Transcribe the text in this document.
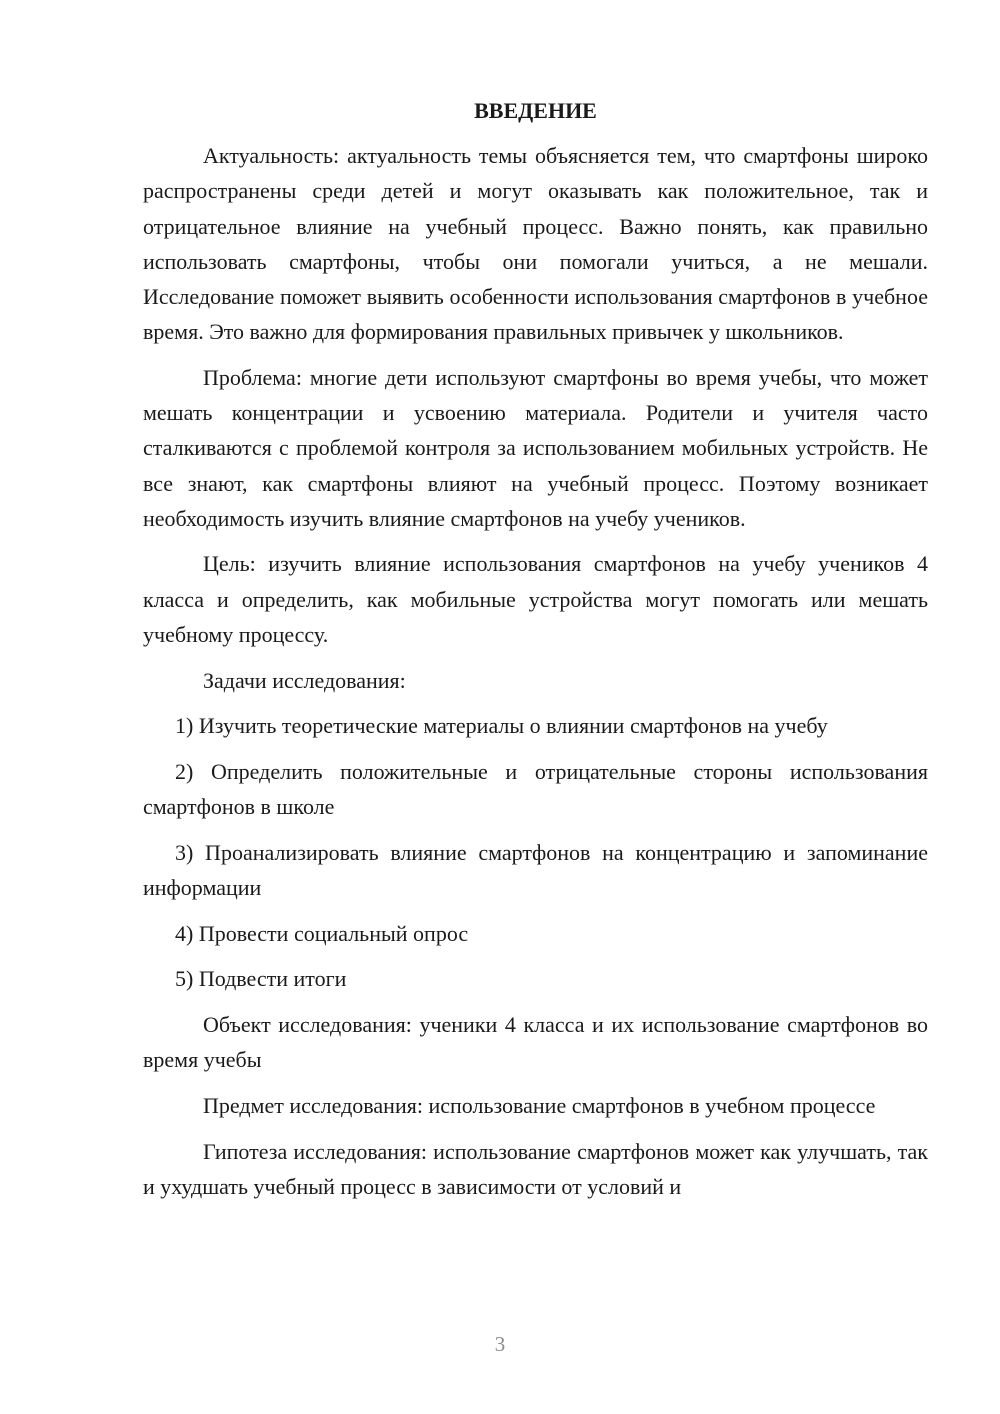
ВВЕДЕНИЕ

Актуальность: актуальность темы объясняется тем, что смартфоны широко распространены среди детей и могут оказывать как положительное, так и отрицательное влияние на учебный процесс. Важно понять, как правильно использовать смартфоны, чтобы они помогали учиться, а не мешали. Исследование поможет выявить особенности использования смартфонов в учебное время. Это важно для формирования правильных привычек у школьников.

Проблема: многие дети используют смартфоны во время учебы, что может мешать концентрации и усвоению материала. Родители и учителя часто сталкиваются с проблемой контроля за использованием мобильных устройств. Не все знают, как смартфоны влияют на учебный процесс. Поэтому возникает необходимость изучить влияние смартфонов на учебу учеников.

Цель: изучить влияние использования смартфонов на учебу учеников 4 класса и определить, как мобильные устройства могут помогать или мешать учебному процессу.

Задачи исследования:

1) Изучить теоретические материалы о влиянии смартфонов на учебу

2) Определить положительные и отрицательные стороны использования смартфонов в школе

3) Проанализировать влияние смартфонов на концентрацию и запоминание информации

4) Провести социальный опрос

5) Подвести итоги

Объект исследования: ученики 4 класса и их использование смартфонов во время учебы

Предмет исследования: использование смартфонов в учебном процессе

Гипотеза исследования: использование смартфонов может как улучшать, так и ухудшать учебный процесс в зависимости от условий и

3
